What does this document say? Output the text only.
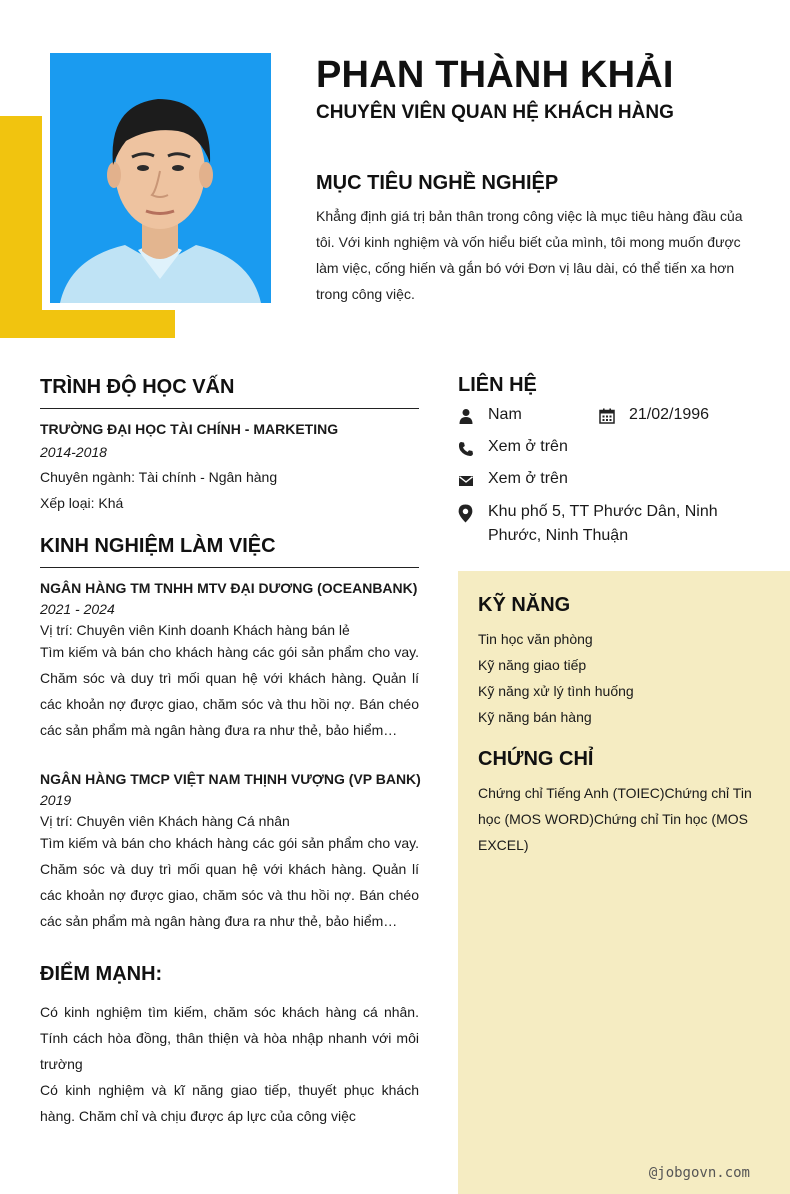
PHAN THÀNH KHẢI
CHUYÊN VIÊN QUAN HỆ KHÁCH HÀNG
MỤC TIÊU NGHỀ NGHIỆP

Khẳng định giá trị bản thân trong công việc là mục tiêu hàng đầu của tôi. Với kinh nghiệm và vốn hiểu biết của mình, tôi mong muốn được làm việc, cống hiến và gắn bó với Đơn vị lâu dài, có thể tiến xa hơn trong công việc.

TRÌNH ĐỘ HỌC VẤN
TRƯỜNG ĐẠI HỌC TÀI CHÍNH - MARKETING
2014-2018
Chuyên ngành: Tài chính - Ngân hàng
Xếp loại: Khá
KINH NGHIỆM LÀM VIỆC
NGÂN HÀNG TM TNHH MTV ĐẠI DƯƠNG (OCEANBANK)
2021 - 2024
Vị trí: Chuyên viên Kinh doanh Khách hàng bán lẻ

Tìm kiếm và bán cho khách hàng các gói sản phẩm cho vay. Chăm sóc và duy trì mối quan hệ với khách hàng. Quản lí các khoản nợ được giao, chăm sóc và thu hồi nợ. Bán chéo các sản phẩm mà ngân hàng đưa ra như thẻ, bảo hiểm…

NGÂN HÀNG TMCP VIỆT NAM THỊNH VƯỢNG (VP BANK)
2019
Vị trí: Chuyên viên Khách hàng Cá nhân

Tìm kiếm và bán cho khách hàng các gói sản phẩm cho vay. Chăm sóc và duy trì mối quan hệ với khách hàng. Quản lí các khoản nợ được giao, chăm sóc và thu hồi nợ. Bán chéo các sản phẩm mà ngân hàng đưa ra như thẻ, bảo hiểm…

ĐIỂM MẠNH:

Có kinh nghiệm tìm kiếm, chăm sóc khách hàng cá nhân. Tính cách hòa đồng, thân thiện và hòa nhập nhanh với môi trường

Có kinh nghiệm và kĩ năng giao tiếp, thuyết phục khách hàng. Chăm chỉ và chịu được áp lực của công việc

LIÊN HỆ
Nam	21/02/1996
Xem ở trên
Xem ở trên
Khu phố 5, TT Phước Dân, Ninh Phước, Ninh Thuận
KỸ NĂNG
Tin học văn phòng
Kỹ năng giao tiếp
Kỹ năng xử lý tình huống
Kỹ năng bán hàng
CHỨNG CHỈ

Chứng chỉ Tiếng Anh (TOIEC)Chứng chỉ Tin học (MOS WORD)Chứng chỉ Tin học (MOS EXCEL)

@jobgovn.com
